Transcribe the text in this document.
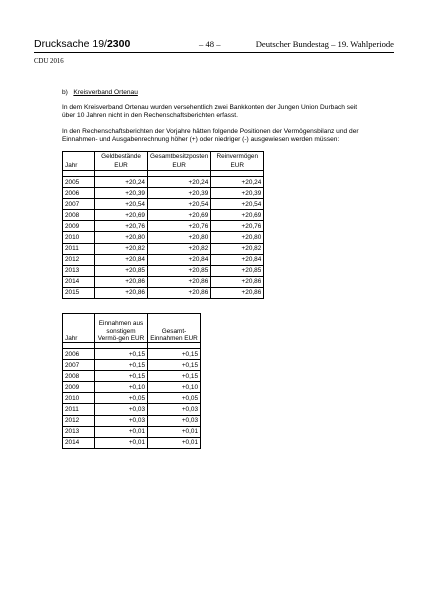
Drucksache 19/2300	– 48 –	Deutscher Bundestag – 19. Wahlperiode
CDU 2016
b) Kreisverband Ortenau

In dem Kreisverband Ortenau wurden versehentlich zwei Bankkonten der Jungen Union Durbach seit über 10 Jahren nicht in den Rechenschaftsberichten erfasst.

In den Rechenschaftsberichten der Vorjahre hätten folgende Positionen der Vermögensbilanz und der Einnahmen- und Ausgabenrechnung höher (+) oder niedriger (-) ausgewiesen werden müssen:

Jahr	Geldbestände EUR	Gesamtbesitzposten EUR	Reinvermögen EUR

2005	+20,24	+20,24	+20,24
2006	+20,39	+20,39	+20,39
2007	+20,54	+20,54	+20,54
2008	+20,69	+20,69	+20,69
2009	+20,76	+20,76	+20,76
2010	+20,80	+20,80	+20,80
2011	+20,82	+20,82	+20,82
2012	+20,84	+20,84	+20,84
2013	+20,85	+20,85	+20,85
2014	+20,86	+20,86	+20,86
2015	+20,86	+20,86	+20,86
Jahr	Einnahmen aus sonstigem Vermö-gen EUR	Gesamt-Einnahmen EUR

2006	+0,15	+0,15
2007	+0,15	+0,15
2008	+0,15	+0,15
2009	+0,10	+0,10
2010	+0,05	+0,05
2011	+0,03	+0,03
2012	+0,03	+0,03
2013	+0,01	+0,01
2014	+0,01	+0,01
